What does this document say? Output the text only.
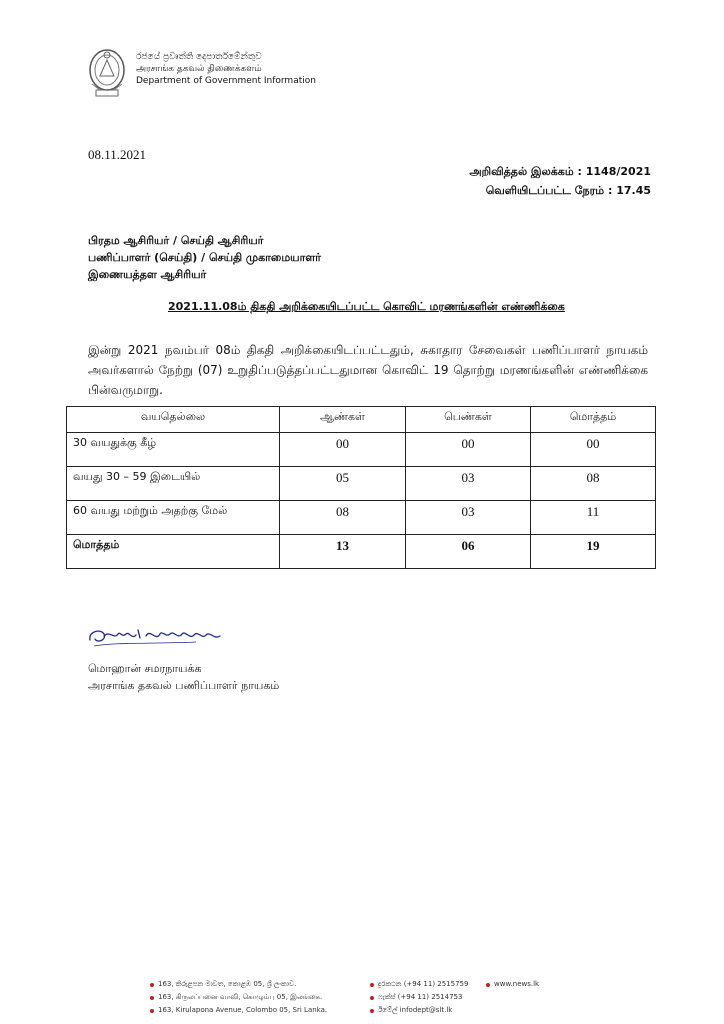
රජයේ ප්‍රවෘත්ති දෙපාර්තමේන්තුව
அரசாங்க தகவல் திணைக்களம்
Department of Government Information
08.11.2021
அறிவித்தல் இலக்கம் : 1148/2021
வெளியிடப்பட்ட நேரம் : 17.45
பிரதம ஆசிரியர் / செய்தி ஆசிரியர்
பணிப்பாளர் (செய்தி) / செய்தி முகாமையாளர்
இணையத்தள ஆசிரியர்
2021.11.08ம் திகதி அறிக்கையிடப்பட்ட கொவிட் மரணங்களின் எண்ணிக்கை
இன்று 2021 நவம்பர் 08ம் திகதி அறிக்கையிடப்பட்டதும், சுகாதார சேவைகள் பணிப்பாளர் நாயகம் அவர்களால் நேற்று (07) உறுதிப்படுத்தப்பட்டதுமான கொவிட் 19 தொற்று மரணங்களின் எண்ணிக்கை பின்வருமாறு.
வயதெல்லை	ஆண்கள்	பெண்கள்	மொத்தம்
30 வயதுக்கு கீழ்	00	00	00
வயது 30 – 59 இடையில்	05	03	08
60 வயது மற்றும் அதற்கு மேல்	08	03	11
மொத்தம்	13	06	19
மொஹான் சமரநாயக்க
அரசாங்க தகவல் பணிப்பாளர் நாயகம்
163, කිරුළපන මාවත, කොළඹ 05, ශ්‍රී ලංකාව.
163, கிருலப்பனை வாவி, கொழும்பு 05, இலங்கை.
163, Kirulapona Avenue, Colombo 05, Sri Lanka.
දුරකථන (+94 11) 2515759
ෆැක්ස් (+94 11) 2514753
ඊමේල් infodept@slt.lk
www.news.lk
